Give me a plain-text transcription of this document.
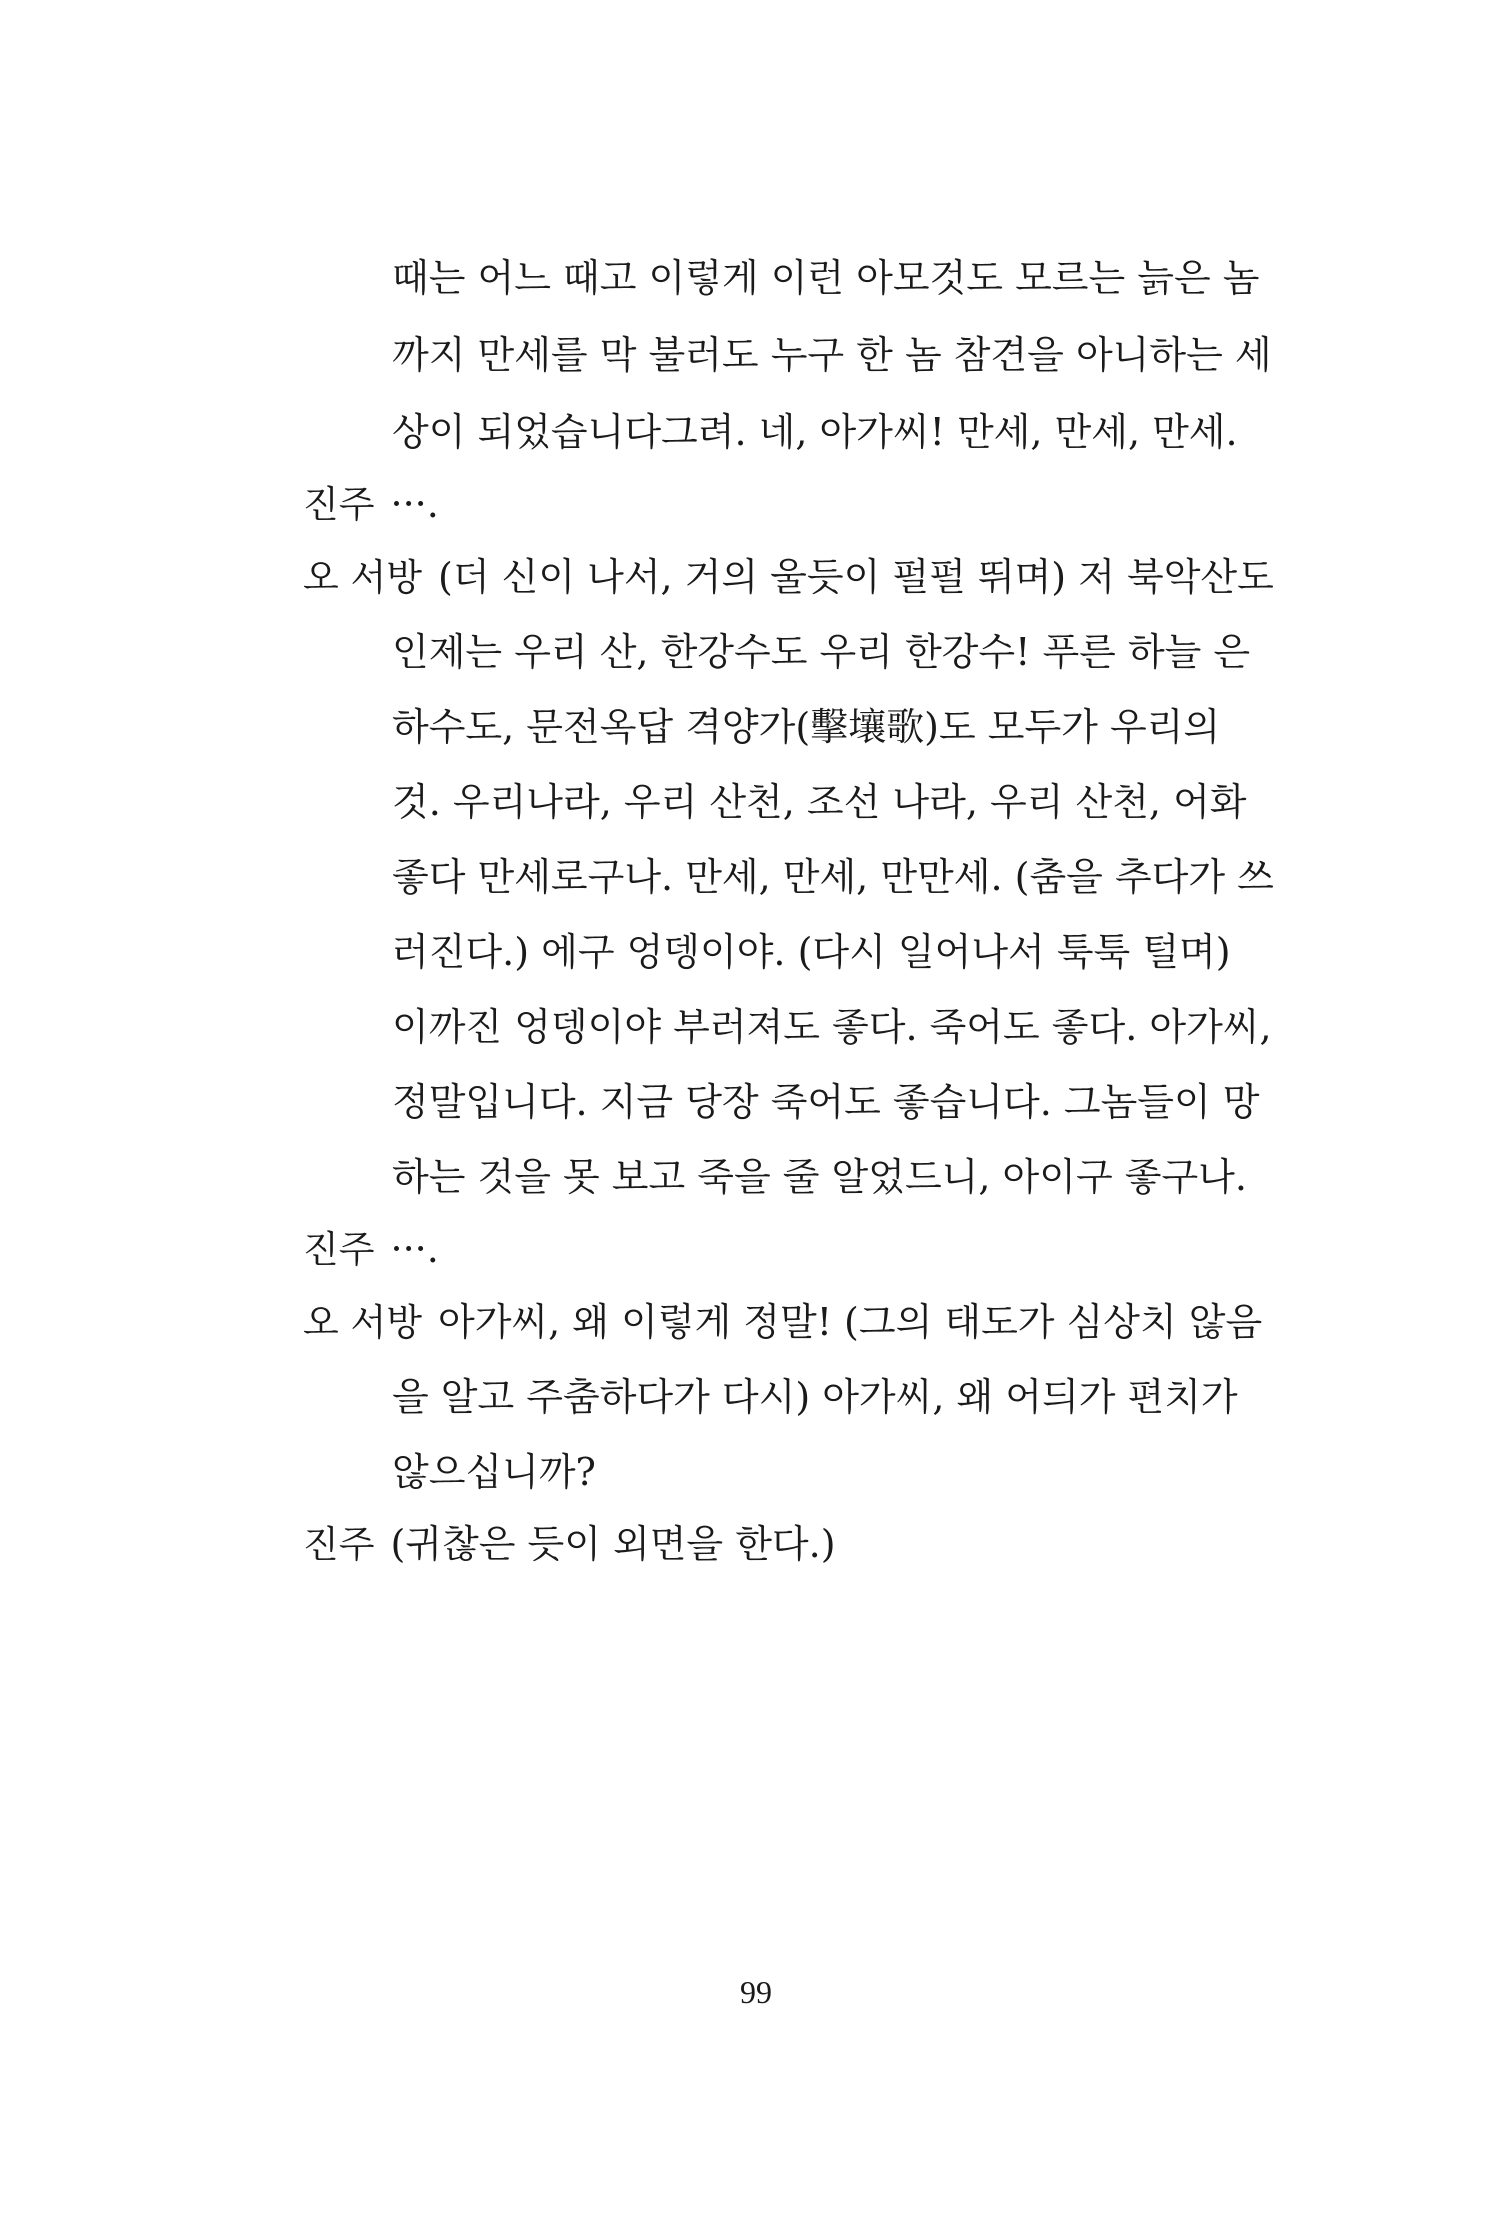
때는 어느 때고 이렇게 이런 아모것도 모르는 늙은 놈
까지 만세를 막 불러도 누구 한 놈 참견을 아니하는 세
상이 되었습니다그려. 네, 아가씨! 만세, 만세, 만세.
진주 ···.
오 서방 (더 신이 나서, 거의 울듯이 펄펄 뛰며) 저 북악산도
인제는 우리 산, 한강수도 우리 한강수! 푸른 하늘 은
하수도, 문전옥답 격양가(擊壤歌)도 모두가 우리의
것. 우리나라, 우리 산천, 조선 나라, 우리 산천, 어화
좋다 만세로구나. 만세, 만세, 만만세. (춤을 추다가 쓰
러진다.) 에구 엉뎅이야. (다시 일어나서 툭툭 털며)
이까진 엉뎅이야 부러져도 좋다. 죽어도 좋다. 아가씨,
정말입니다. 지금 당장 죽어도 좋습니다. 그놈들이 망
하는 것을 못 보고 죽을 줄 알었드니, 아이구 좋구나.
진주 ···.
오 서방 아가씨, 왜 이렇게 정말! (그의 태도가 심상치 않음
을 알고 주춤하다가 다시) 아가씨, 왜 어듸가 편치가
않으십니까?
진주 (귀찮은 듯이 외면을 한다.)
99
